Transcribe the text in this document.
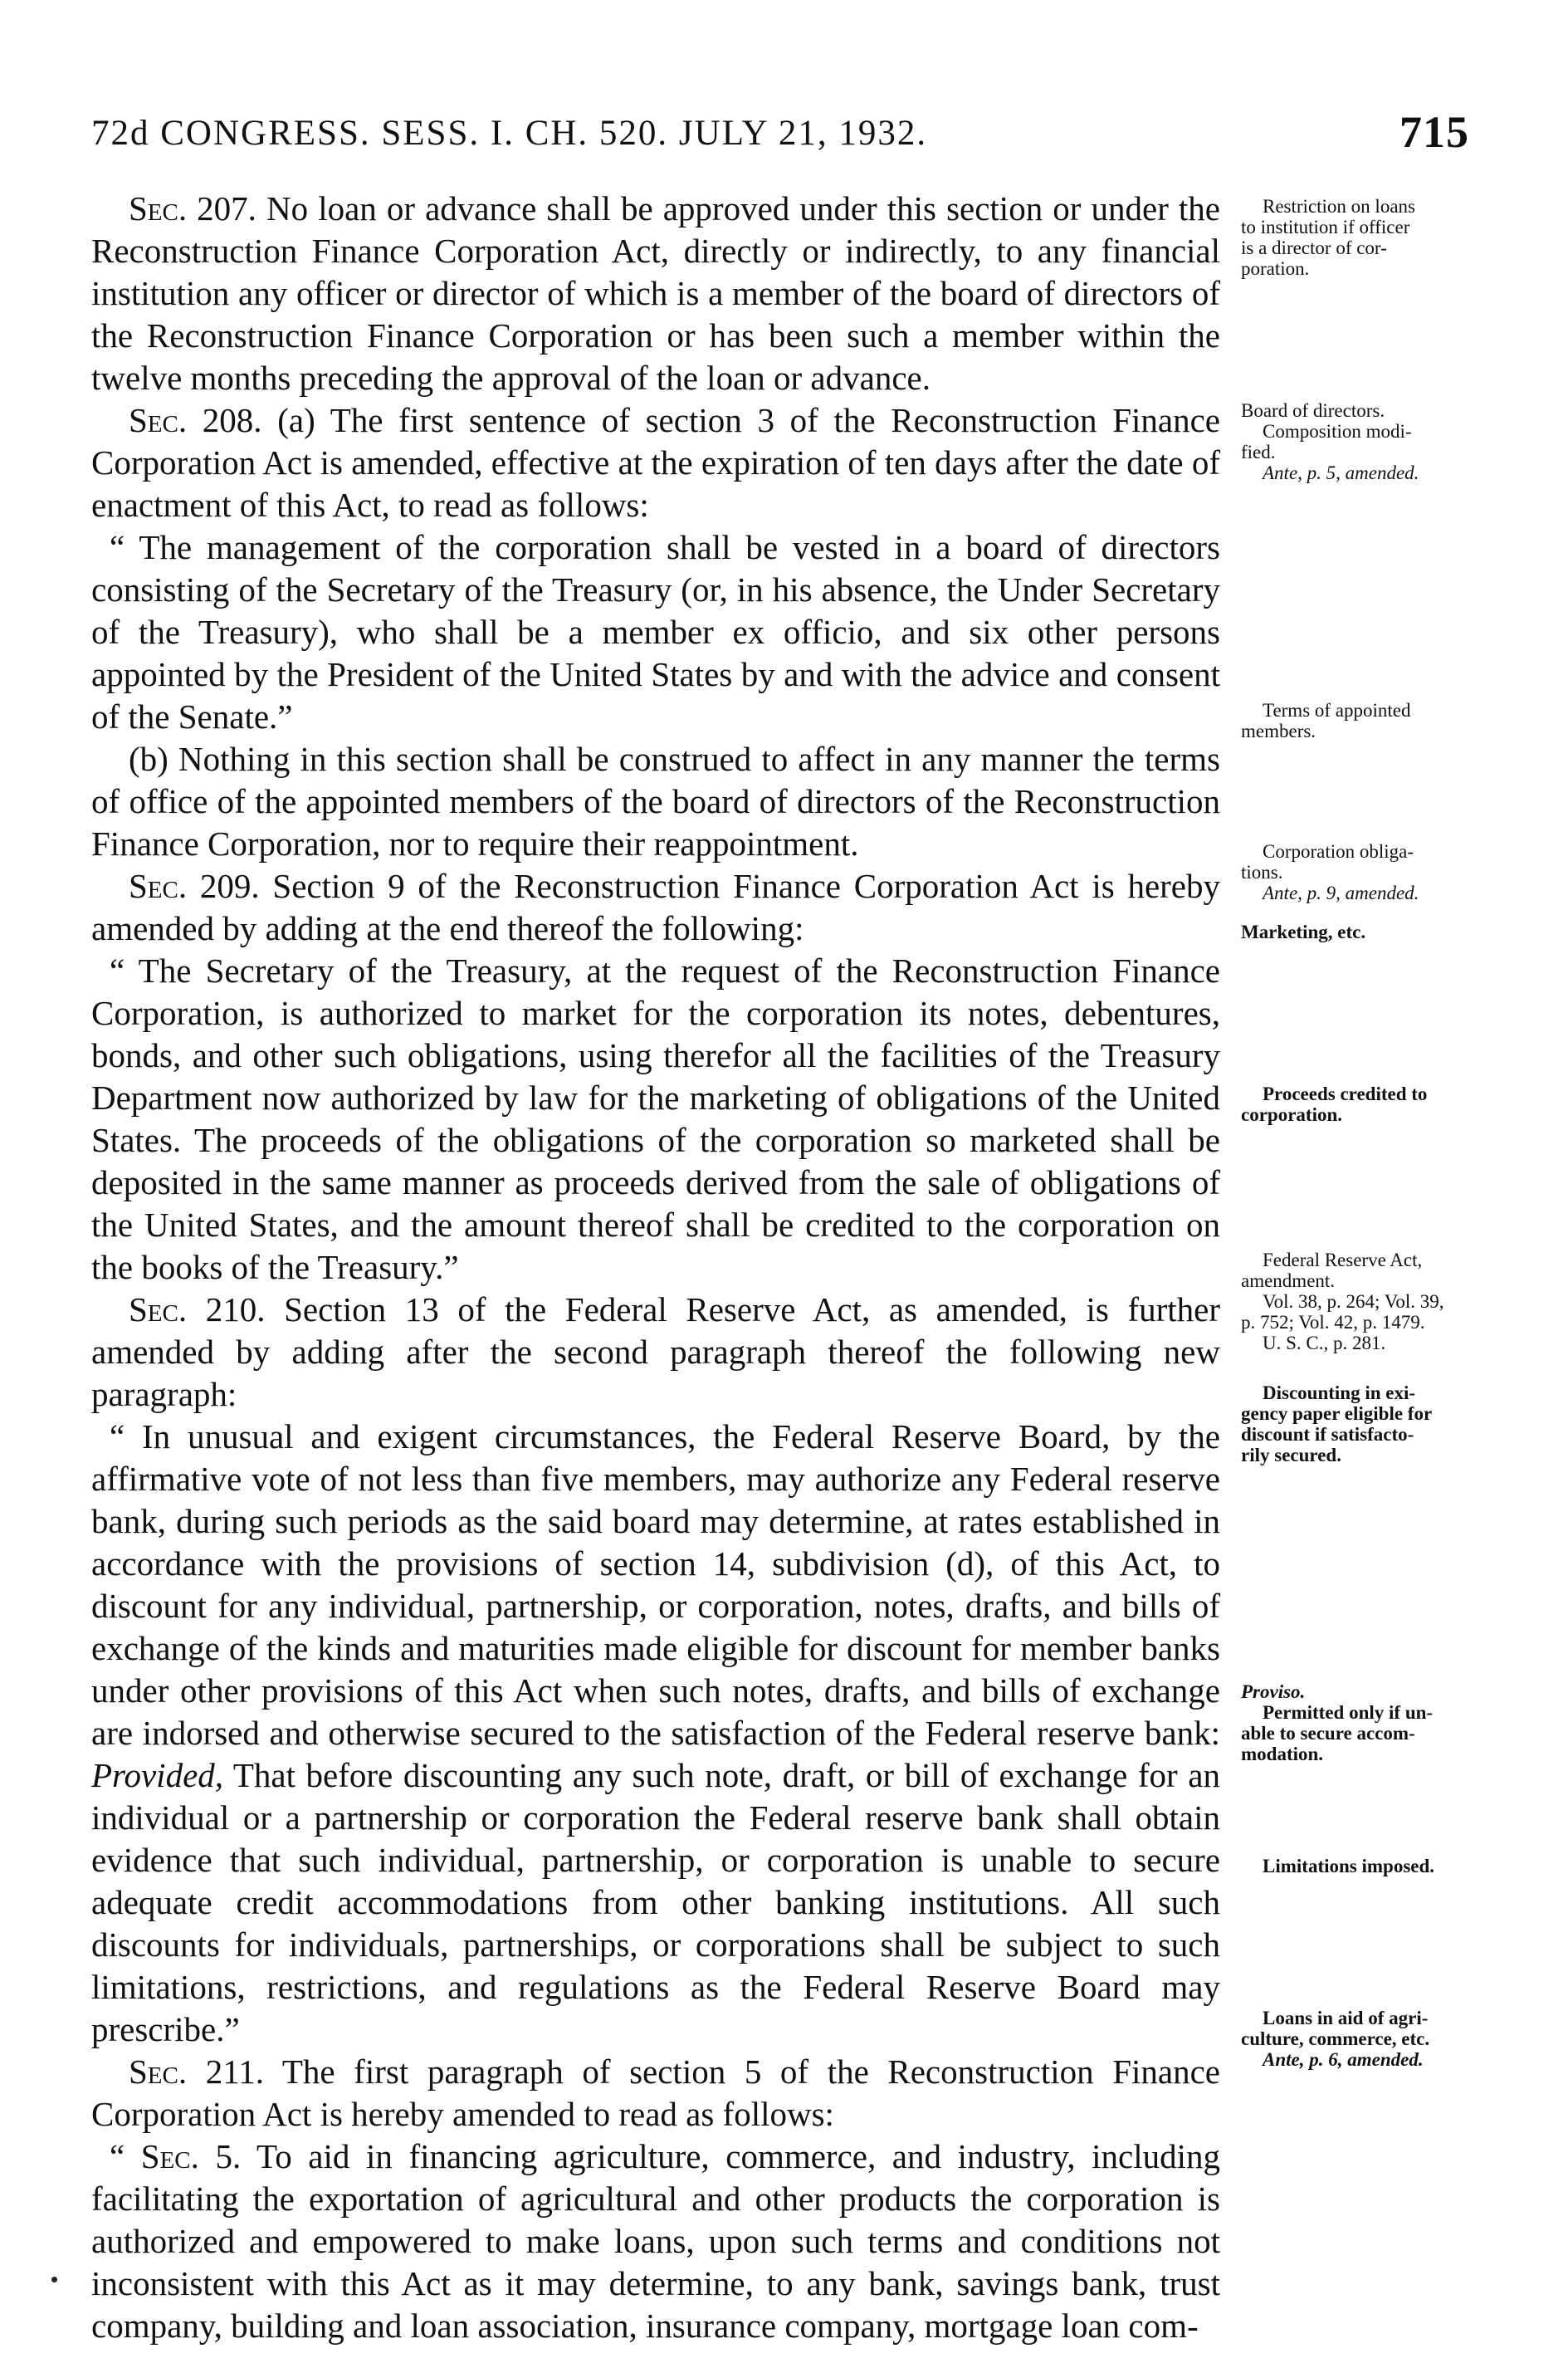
72d CONGRESS. SESS. I. CH. 520. JULY 21, 1932.	715

Sec. 207. No loan or advance shall be approved under this section or under the Reconstruction Finance Corporation Act, directly or indirectly, to any financial institution any officer or director of which is a member of the board of directors of the Reconstruction Finance Corporation or has been such a member within the twelve months preceding the approval of the loan or advance.

Sec. 208. (a) The first sentence of section 3 of the Reconstruction Finance Corporation Act is amended, effective at the expiration of ten days after the date of enactment of this Act, to read as follows:

“ The management of the corporation shall be vested in a board of directors consisting of the Secretary of the Treasury (or, in his absence, the Under Secretary of the Treasury), who shall be a member ex officio, and six other persons appointed by the President of the United States by and with the advice and consent of the Senate.”

(b) Nothing in this section shall be construed to affect in any manner the terms of office of the appointed members of the board of directors of the Reconstruction Finance Corporation, nor to require their reappointment.

Sec. 209. Section 9 of the Reconstruction Finance Corporation Act is hereby amended by adding at the end thereof the following:

“ The Secretary of the Treasury, at the request of the Reconstruction Finance Corporation, is authorized to market for the corporation its notes, debentures, bonds, and other such obligations, using therefor all the facilities of the Treasury Department now authorized by law for the marketing of obligations of the United States. The proceeds of the obligations of the corporation so marketed shall be deposited in the same manner as proceeds derived from the sale of obligations of the United States, and the amount thereof shall be credited to the corporation on the books of the Treasury.”

Sec. 210. Section 13 of the Federal Reserve Act, as amended, is further amended by adding after the second paragraph thereof the following new paragraph:

“ In unusual and exigent circumstances, the Federal Reserve Board, by the affirmative vote of not less than five members, may authorize any Federal reserve bank, during such periods as the said board may determine, at rates established in accordance with the provisions of section 14, subdivision (d), of this Act, to discount for any individual, partnership, or corporation, notes, drafts, and bills of exchange of the kinds and maturities made eligible for discount for member banks under other provisions of this Act when such notes, drafts, and bills of exchange are indorsed and otherwise secured to the satisfaction of the Federal reserve bank: Provided, That before discounting any such note, draft, or bill of exchange for an individual or a partnership or corporation the Federal reserve bank shall obtain evidence that such individual, partnership, or corporation is unable to secure adequate credit accommodations from other banking institutions. All such discounts for individuals, partnerships, or corporations shall be subject to such limitations, restrictions, and regulations as the Federal Reserve Board may prescribe.”

Sec. 211. The first paragraph of section 5 of the Reconstruction Finance Corporation Act is hereby amended to read as follows:

“ Sec. 5. To aid in financing agriculture, commerce, and industry, including facilitating the exportation of agricultural and other products the corporation is authorized and empowered to make loans, upon such terms and conditions not inconsistent with this Act as it may determine, to any bank, savings bank, trust company, building and loan association, insurance company, mortgage loan com-

Restriction on loans
to institution if officer
is a director of cor-
poration.
Board of directors.
Composition modi-
fied.
Ante, p. 5, amended.
Terms of appointed
members.
Corporation obliga-
tions.
Ante, p. 9, amended.
Marketing, etc.
Proceeds credited to
corporation.
Federal Reserve Act,
amendment.
Vol. 38, p. 264; Vol. 39,
p. 752; Vol. 42, p. 1479.
U. S. C., p. 281.
Discounting in exi-
gency paper eligible for
discount if satisfacto-
rily secured.
Proviso.
Permitted only if un-
able to secure accom-
modation.
Limitations imposed.
Loans in aid of agri-
culture, commerce, etc.
Ante, p. 6, amended.
